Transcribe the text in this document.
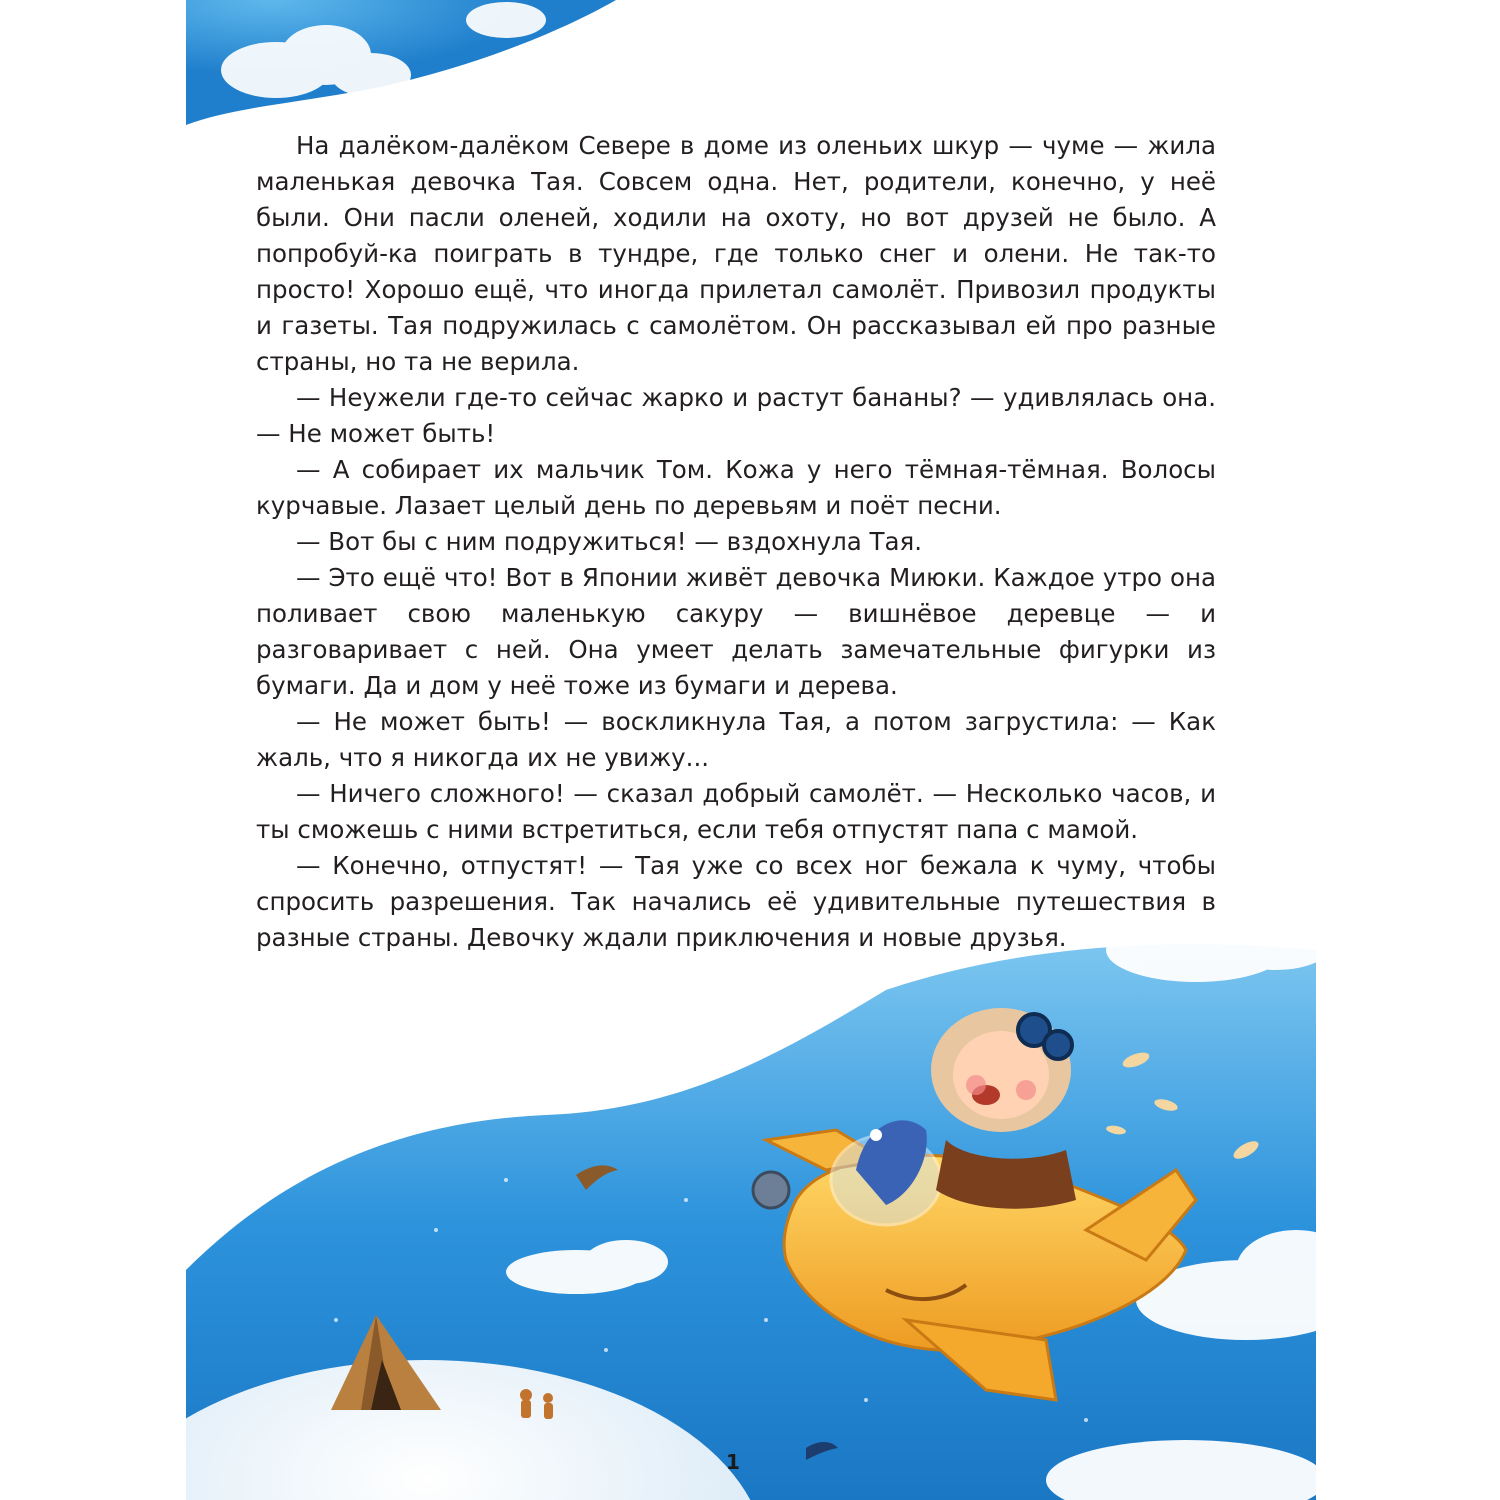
На далёком-далёком Севере в доме из оленьих шкур — чуме — жила маленькая девочка Тая. Совсем одна. Нет, родители, конечно, у неё были. Они пасли оленей, ходили на охоту, но вот друзей не было. А попробуй-ка поиграть в тундре, где только снег и олени. Не так-то просто! Хорошо ещё, что иногда прилетал самолёт. Привозил продукты и газеты. Тая подружилась с самолётом. Он рассказывал ей про разные страны, но та не верила.

— Неужели где-то сейчас жарко и растут бананы? — удивлялась она. — Не может быть!

— А собирает их мальчик Том. Кожа у него тёмная-тёмная. Волосы курчавые. Лазает целый день по деревьям и поёт песни.

— Вот бы с ним подружиться! — вздохнула Тая.

— Это ещё что! Вот в Японии живёт девочка Миюки. Каждое утро она поливает свою маленькую сакуру — вишнёвое деревце — и разговаривает с ней. Она умеет делать замечательные фигурки из бумаги. Да и дом у неё тоже из бумаги и дерева.

— Не может быть! — воскликнула Тая, а потом загрустила: — Как жаль, что я никогда их не увижу...

— Ничего сложного! — сказал добрый самолёт. — Несколько часов, и ты сможешь с ними встретиться, если тебя отпустят папа с мамой.

— Конечно, отпустят! — Тая уже со всех ног бежала к чуму, чтобы спросить разрешения. Так начались её удивительные путешествия в разные страны. Девочку ждали приключения и новые друзья.

1
